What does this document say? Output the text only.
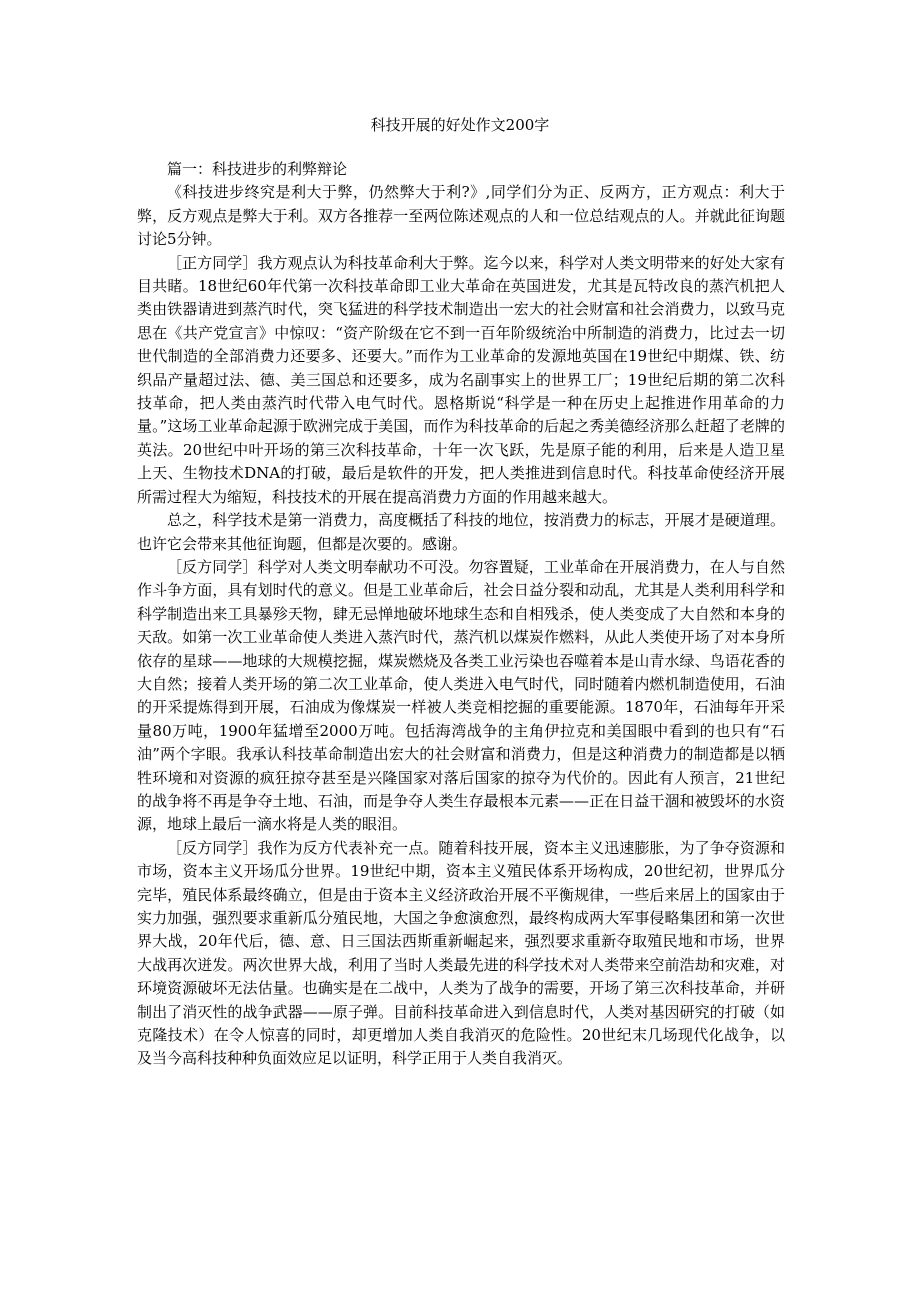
科技开展的好处作文200字

篇一：科技进步的利弊辩论

《科技进步终究是利大于弊，仍然弊大于利?》,同学们分为正、反两方，正方观点：利大于弊，反方观点是弊大于利。双方各推荐一至两位陈述观点的人和一位总结观点的人。并就此征询题讨论5分钟。

［正方同学］我方观点认为科技革命利大于弊。迄今以来，科学对人类文明带来的好处大家有目共睹。18世纪60年代第一次科技革命即工业大革命在英国进发，尤其是瓦特改良的蒸汽机把人类由铁器请进到蒸汽时代，突飞猛进的科学技术制造出一宏大的社会财富和社会消费力，以致马克思在《共产党宣言》中惊叹：“资产阶级在它不到一百年阶级统治中所制造的消费力，比过去一切世代制造的全部消费力还要多、还要大。”而作为工业革命的发源地英国在19世纪中期煤、铁、纺织品产量超过法、德、美三国总和还要多，成为名副事实上的世界工厂；19世纪后期的第二次科技革命，把人类由蒸汽时代带入电气时代。恩格斯说“科学是一种在历史上起推进作用革命的力量。”这场工业革命起源于欧洲完成于美国，而作为科技革命的后起之秀美德经济那么赶超了老牌的英法。20世纪中叶开场的第三次科技革命，十年一次飞跃，先是原子能的利用，后来是人造卫星上天、生物技术DNA的打破，最后是软件的开发，把人类推进到信息时代。科技革命使经济开展所需过程大为缩短，科技技术的开展在提高消费力方面的作用越来越大。

总之，科学技术是第一消费力，高度概括了科技的地位，按消费力的标志，开展才是硬道理。也许它会带来其他征询题，但都是次要的。感谢。

［反方同学］科学对人类文明奉献功不可没。勿容置疑，工业革命在开展消费力，在人与自然作斗争方面，具有划时代的意义。但是工业革命后，社会日益分裂和动乱，尤其是人类利用科学和科学制造出来工具暴殄天物，肆无忌惮地破坏地球生态和自相残杀，使人类变成了大自然和本身的天敌。如第一次工业革命使人类进入蒸汽时代，蒸汽机以煤炭作燃料，从此人类使开场了对本身所依存的星球——地球的大规模挖掘，煤炭燃烧及各类工业污染也吞噬着本是山青水绿、鸟语花香的大自然；接着人类开场的第二次工业革命，使人类进入电气时代，同时随着内燃机制造使用，石油的开采提炼得到开展，石油成为像煤炭一样被人类竞相挖掘的重要能源。1870年，石油每年开采量80万吨，1900年猛增至2000万吨。包括海湾战争的主角伊拉克和美国眼中看到的也只有“石油”两个字眼。我承认科技革命制造出宏大的社会财富和消费力，但是这种消费力的制造都是以牺牲环境和对资源的疯狂掠夺甚至是兴隆国家对落后国家的掠夺为代价的。因此有人预言，21世纪的战争将不再是争夺土地、石油，而是争夺人类生存最根本元素——正在日益干涸和被毁坏的水资源，地球上最后一滴水将是人类的眼泪。

［反方同学］我作为反方代表补充一点。随着科技开展，资本主义迅速膨胀，为了争夺资源和市场，资本主义开场瓜分世界。19世纪中期，资本主义殖民体系开场构成，20世纪初，世界瓜分完毕，殖民体系最终确立，但是由于资本主义经济政治开展不平衡规律，一些后来居上的国家由于实力加强，强烈要求重新瓜分殖民地，大国之争愈演愈烈，最终构成两大军事侵略集团和第一次世界大战，20年代后，德、意、日三国法西斯重新崛起来，强烈要求重新夺取殖民地和市场，世界大战再次迸发。两次世界大战，利用了当时人类最先进的科学技术对人类带来空前浩劫和灾难，对环境资源破坏无法估量。也确实是在二战中，人类为了战争的需要，开场了第三次科技革命，并研制出了消灭性的战争武器——原子弹。目前科技革命进入到信息时代，人类对基因研究的打破（如克隆技术）在令人惊喜的同时，却更增加人类自我消灭的危险性。20世纪末几场现代化战争，以及当今高科技种种负面效应足以证明，科学正用于人类自我消灭。
